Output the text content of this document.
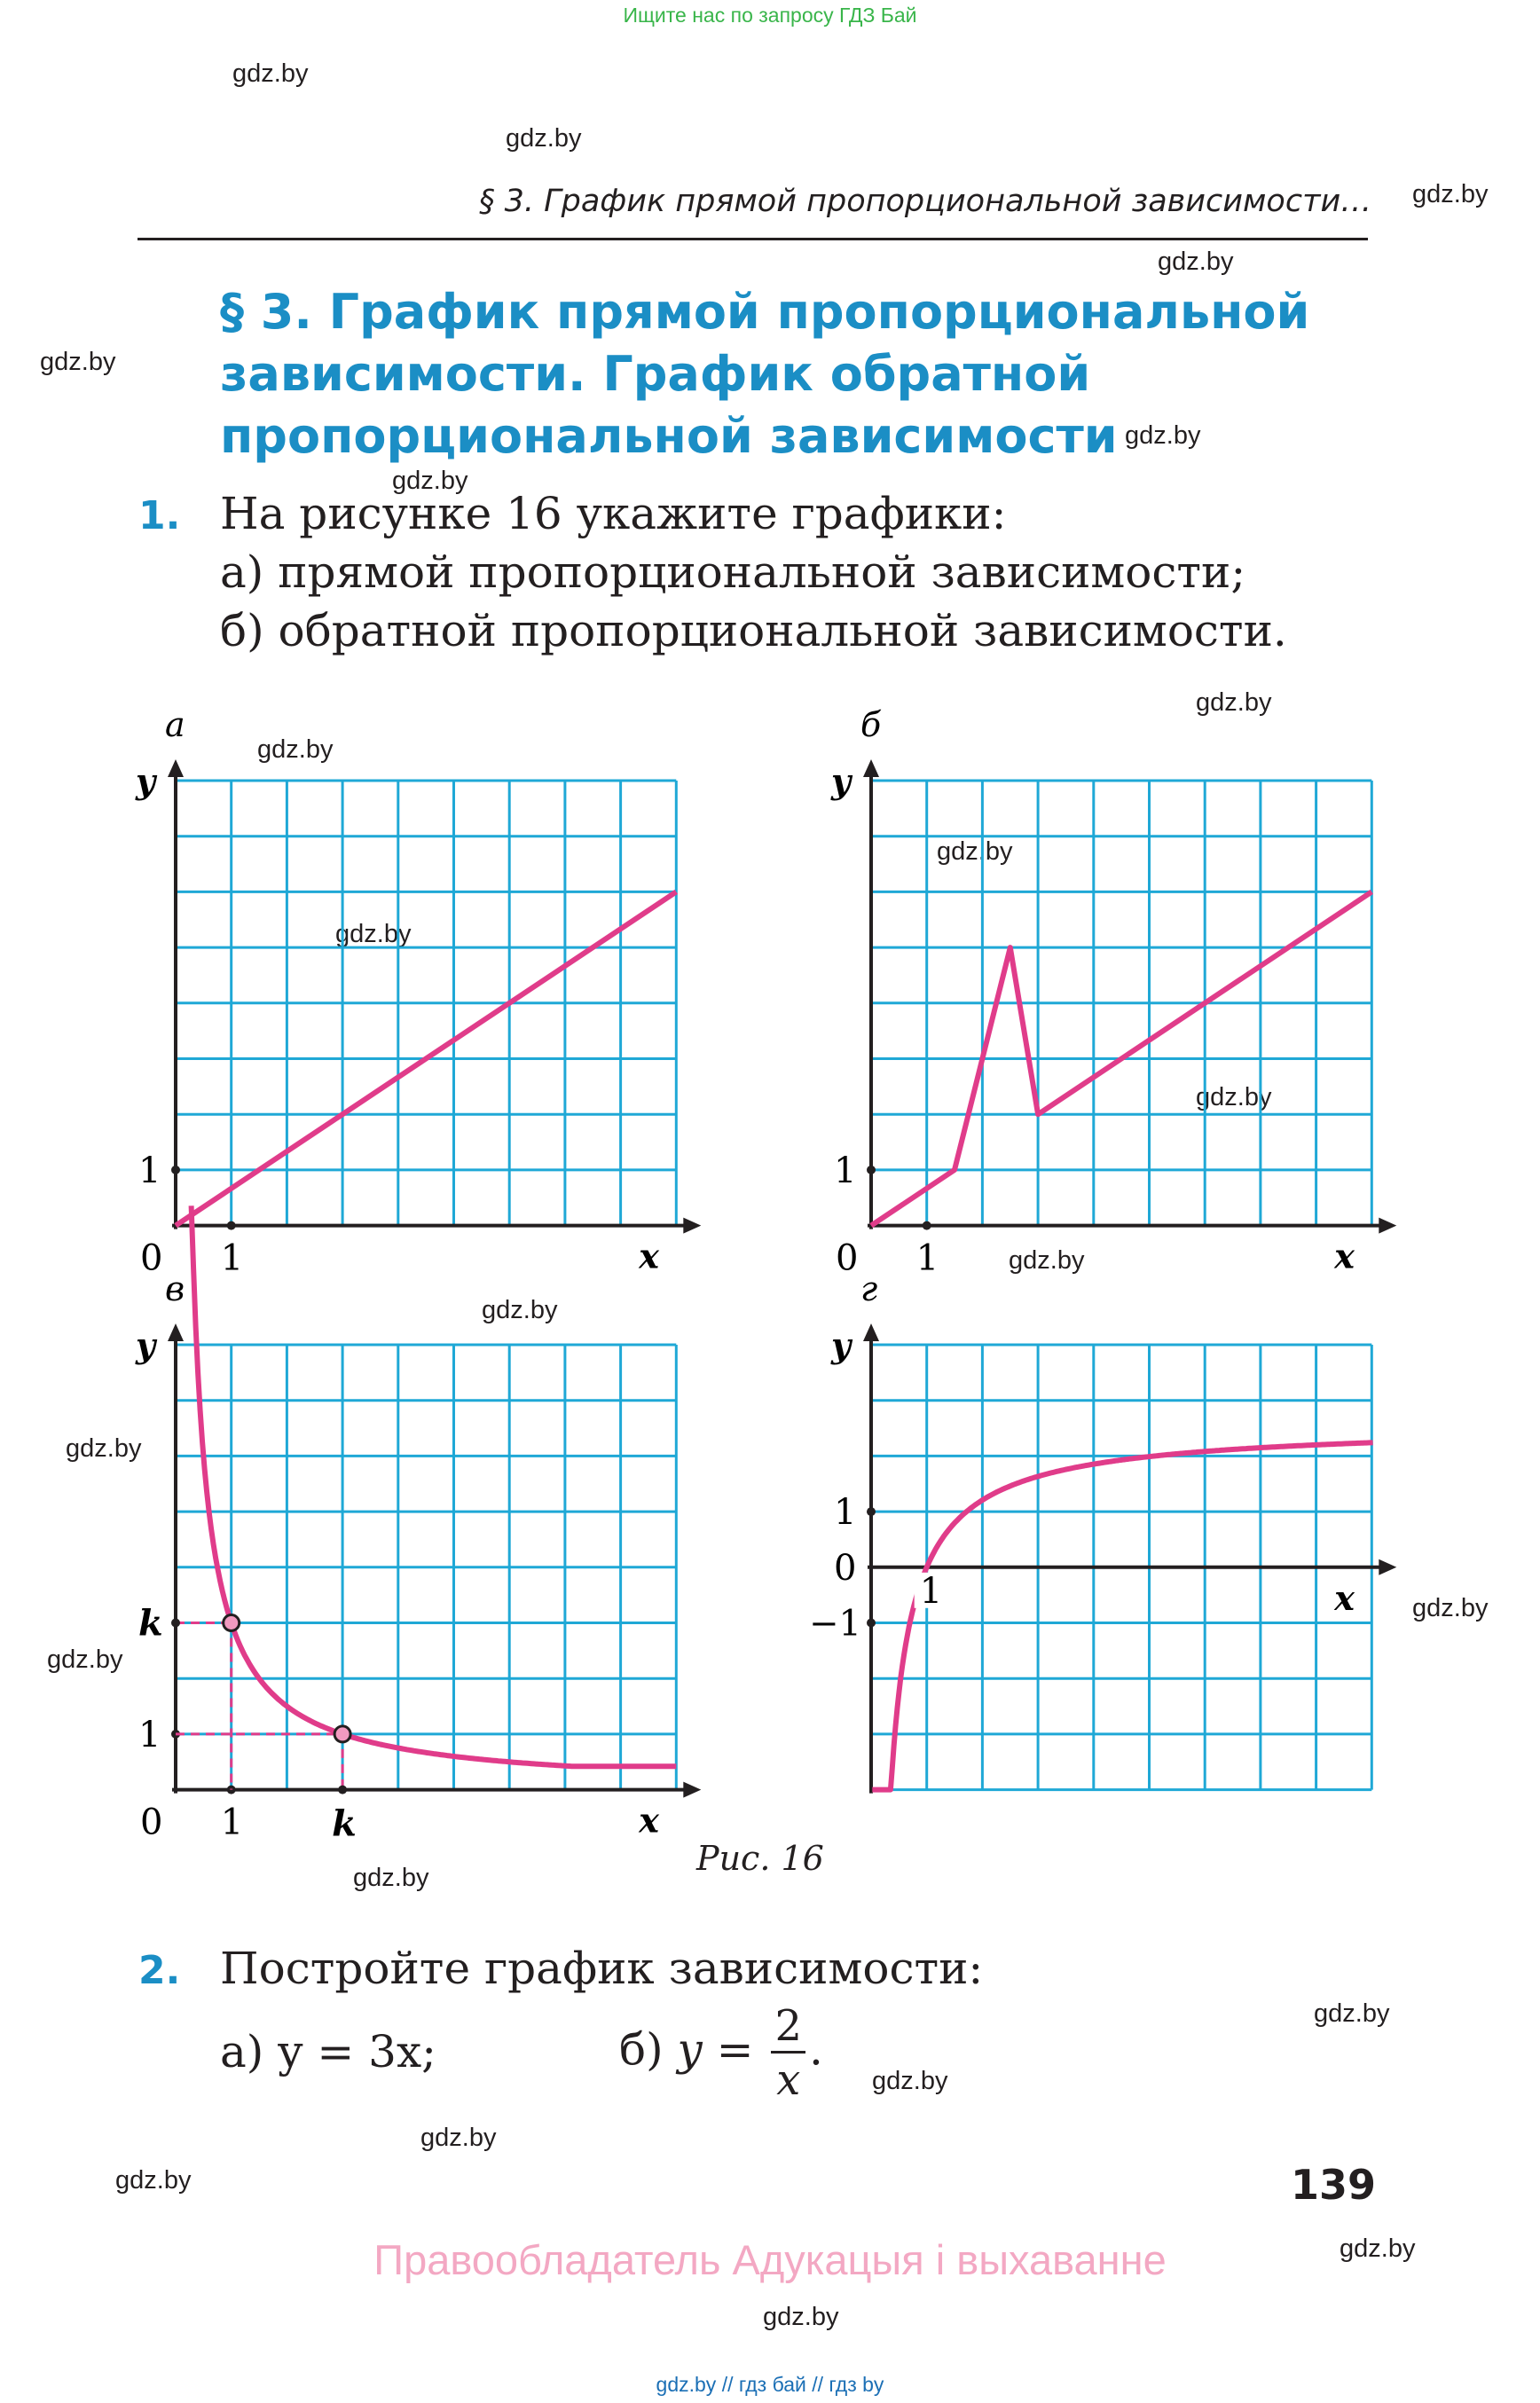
Ищите нас по запросу ГДЗ Бай
gdz.by
gdz.by
gdz.by
gdz.by
gdz.by
gdz.by
gdz.by
gdz.by
gdz.by
gdz.by
gdz.by
gdz.by
gdz.by
gdz.by
gdz.by
gdz.by
gdz.by
gdz.by
gdz.by
gdz.by
gdz.by
gdz.by
gdz.by
gdz.by
§ 3. График прямой пропорциональной зависимости…
§ 3. График прямой пропорциональной
зависимости. График обратной
пропорциональной зависимости
1. На рисунке 16 укажите графики:
а) прямой пропорциональной зависимости;
б) обратной пропорциональной зависимости.
а
y
x
0 1
1
б
y
x
0 1
1
в
y
x
0 1
1
k
k
г
y
x
0
1
−1
1
Рис. 16
2. Постройте график зависимости:
а) y = 3x;	б) $y = \frac{2}{x}$ .
139
Правообладатель Адукацыя і выхаванне
gdz.by // гдз бай // гдз by
